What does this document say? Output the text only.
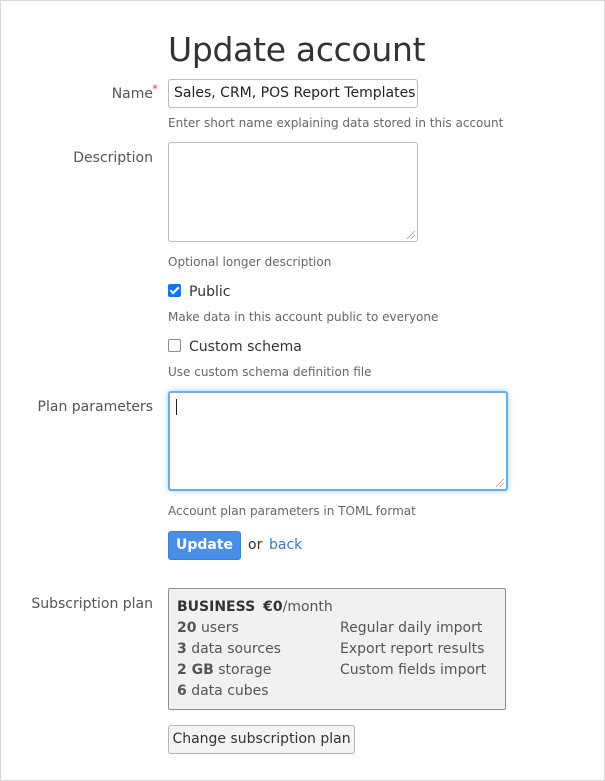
Update account
Name *	Sales, CRM, POS Report Templates
Enter short name explaining data stored in this account
Description
Optional longer description
Public
Make data in this account public to everyone
Custom schema
Use custom schema definition file
Plan parameters
Account plan parameters in TOML format
Update	or back
Subscription plan BUSINESS €0/month
20 users
3 data sources
2 GB storage
6 data cubes
Regular daily import
Export report results
Custom fields import
Change subscription plan
